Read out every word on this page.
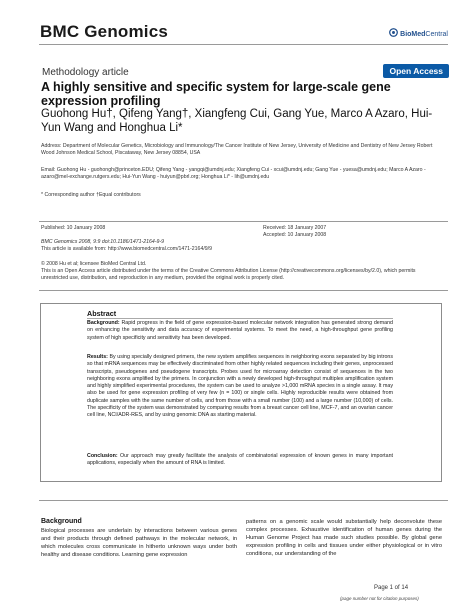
BMC Genomics	BioMedCentral
Methodology article	Open Access
A highly sensitive and specific system for large-scale gene expression profiling
Guohong Hu†, Qifeng Yang†, Xiangfeng Cui, Gang Yue, Marco A Azaro, Hui-Yun Wang and Honghua Li*
Address: Department of Molecular Genetics, Microbiology and Immunology/The Cancer Institute of New Jersey, University of Medicine and Dentistry of New Jersey Robert Wood Johnson Medical School, Piscataway, New Jersey 08854, USA
Email: Guohong Hu - guohongh@princeton.EDU; Qifeng Yang - yangqi@umdnj.edu; Xiangfeng Cui - xcui@umdnj.edu; Gang Yue - yuesa@umdnj.edu; Marco A Azaro - azaro@mel-exchange.rutgers.edu; Hui-Yun Wang - huiyun@pbrl.org; Honghua Li* - lih@umdnj.edu
* Corresponding author †Equal contributors
Published: 10 January 2008	Received: 18 January 2007
Accepted: 10 January 2008
BMC Genomics 2008, 9:9 doi:10.1186/1471-2164-9-9
This article is available from: http://www.biomedcentral.com/1471-2164/9/9
© 2008 Hu et al; licensee BioMed Central Ltd.
This is an Open Access article distributed under the terms of the Creative Commons Attribution License (http://creativecommons.org/licenses/by/2.0), which permits unrestricted use, distribution, and reproduction in any medium, provided the original work is properly cited.
Abstract
Background: Rapid progress in the field of gene expression-based molecular network integration has generated strong demand on enhancing the sensitivity and data accuracy of experimental systems. To meet the need, a high-throughput gene profiling system of high specificity and sensitivity has been developed.
Results: By using specially designed primers, the new system amplifies sequences in neighboring exons separated by big introns so that mRNA sequences may be effectively discriminated from other highly related sequences including their genes, unprocessed transcripts, pseudogenes and pseudogene transcripts. Probes used for microarray detection consist of sequences in the two neighboring exons amplified by the primers. In conjunction with a newly developed high-throughput multiplex amplification system and highly simplified experimental procedures, the system can be used to analyze >1,000 mRNA species in a single assay. It may also be used for gene expression profiling of very few (n = 100) or single cells. Highly reproducible results were obtained from duplicate samples with the same number of cells, and from those with a small number (100) and a large number (10,000) of cells. The specificity of the system was demonstrated by comparing results from a breast cancer cell line, MCF-7, and an ovarian cancer cell line, NCI/ADR-RES, and by using genomic DNA as starting material.
Conclusion: Our approach may greatly facilitate the analysis of combinatorial expression of known genes in many important applications, especially when the amount of RNA is limited.
Background
Biological processes are underlain by interactions between various genes and their products through defined pathways in the molecular network, in which molecules cross communicate in hitherto unknown ways under both healthy and disease conditions. Learning gene expression
patterns on a genomic scale would substantially help deconvolute these complex processes. Exhaustive identification of human genes during the Human Genome Project has made such studies possible. By global gene expression profiling in cells and tissues under either physiological or in vitro conditions, our understanding of the
Page 1 of 14
(page number not for citation purposes)
